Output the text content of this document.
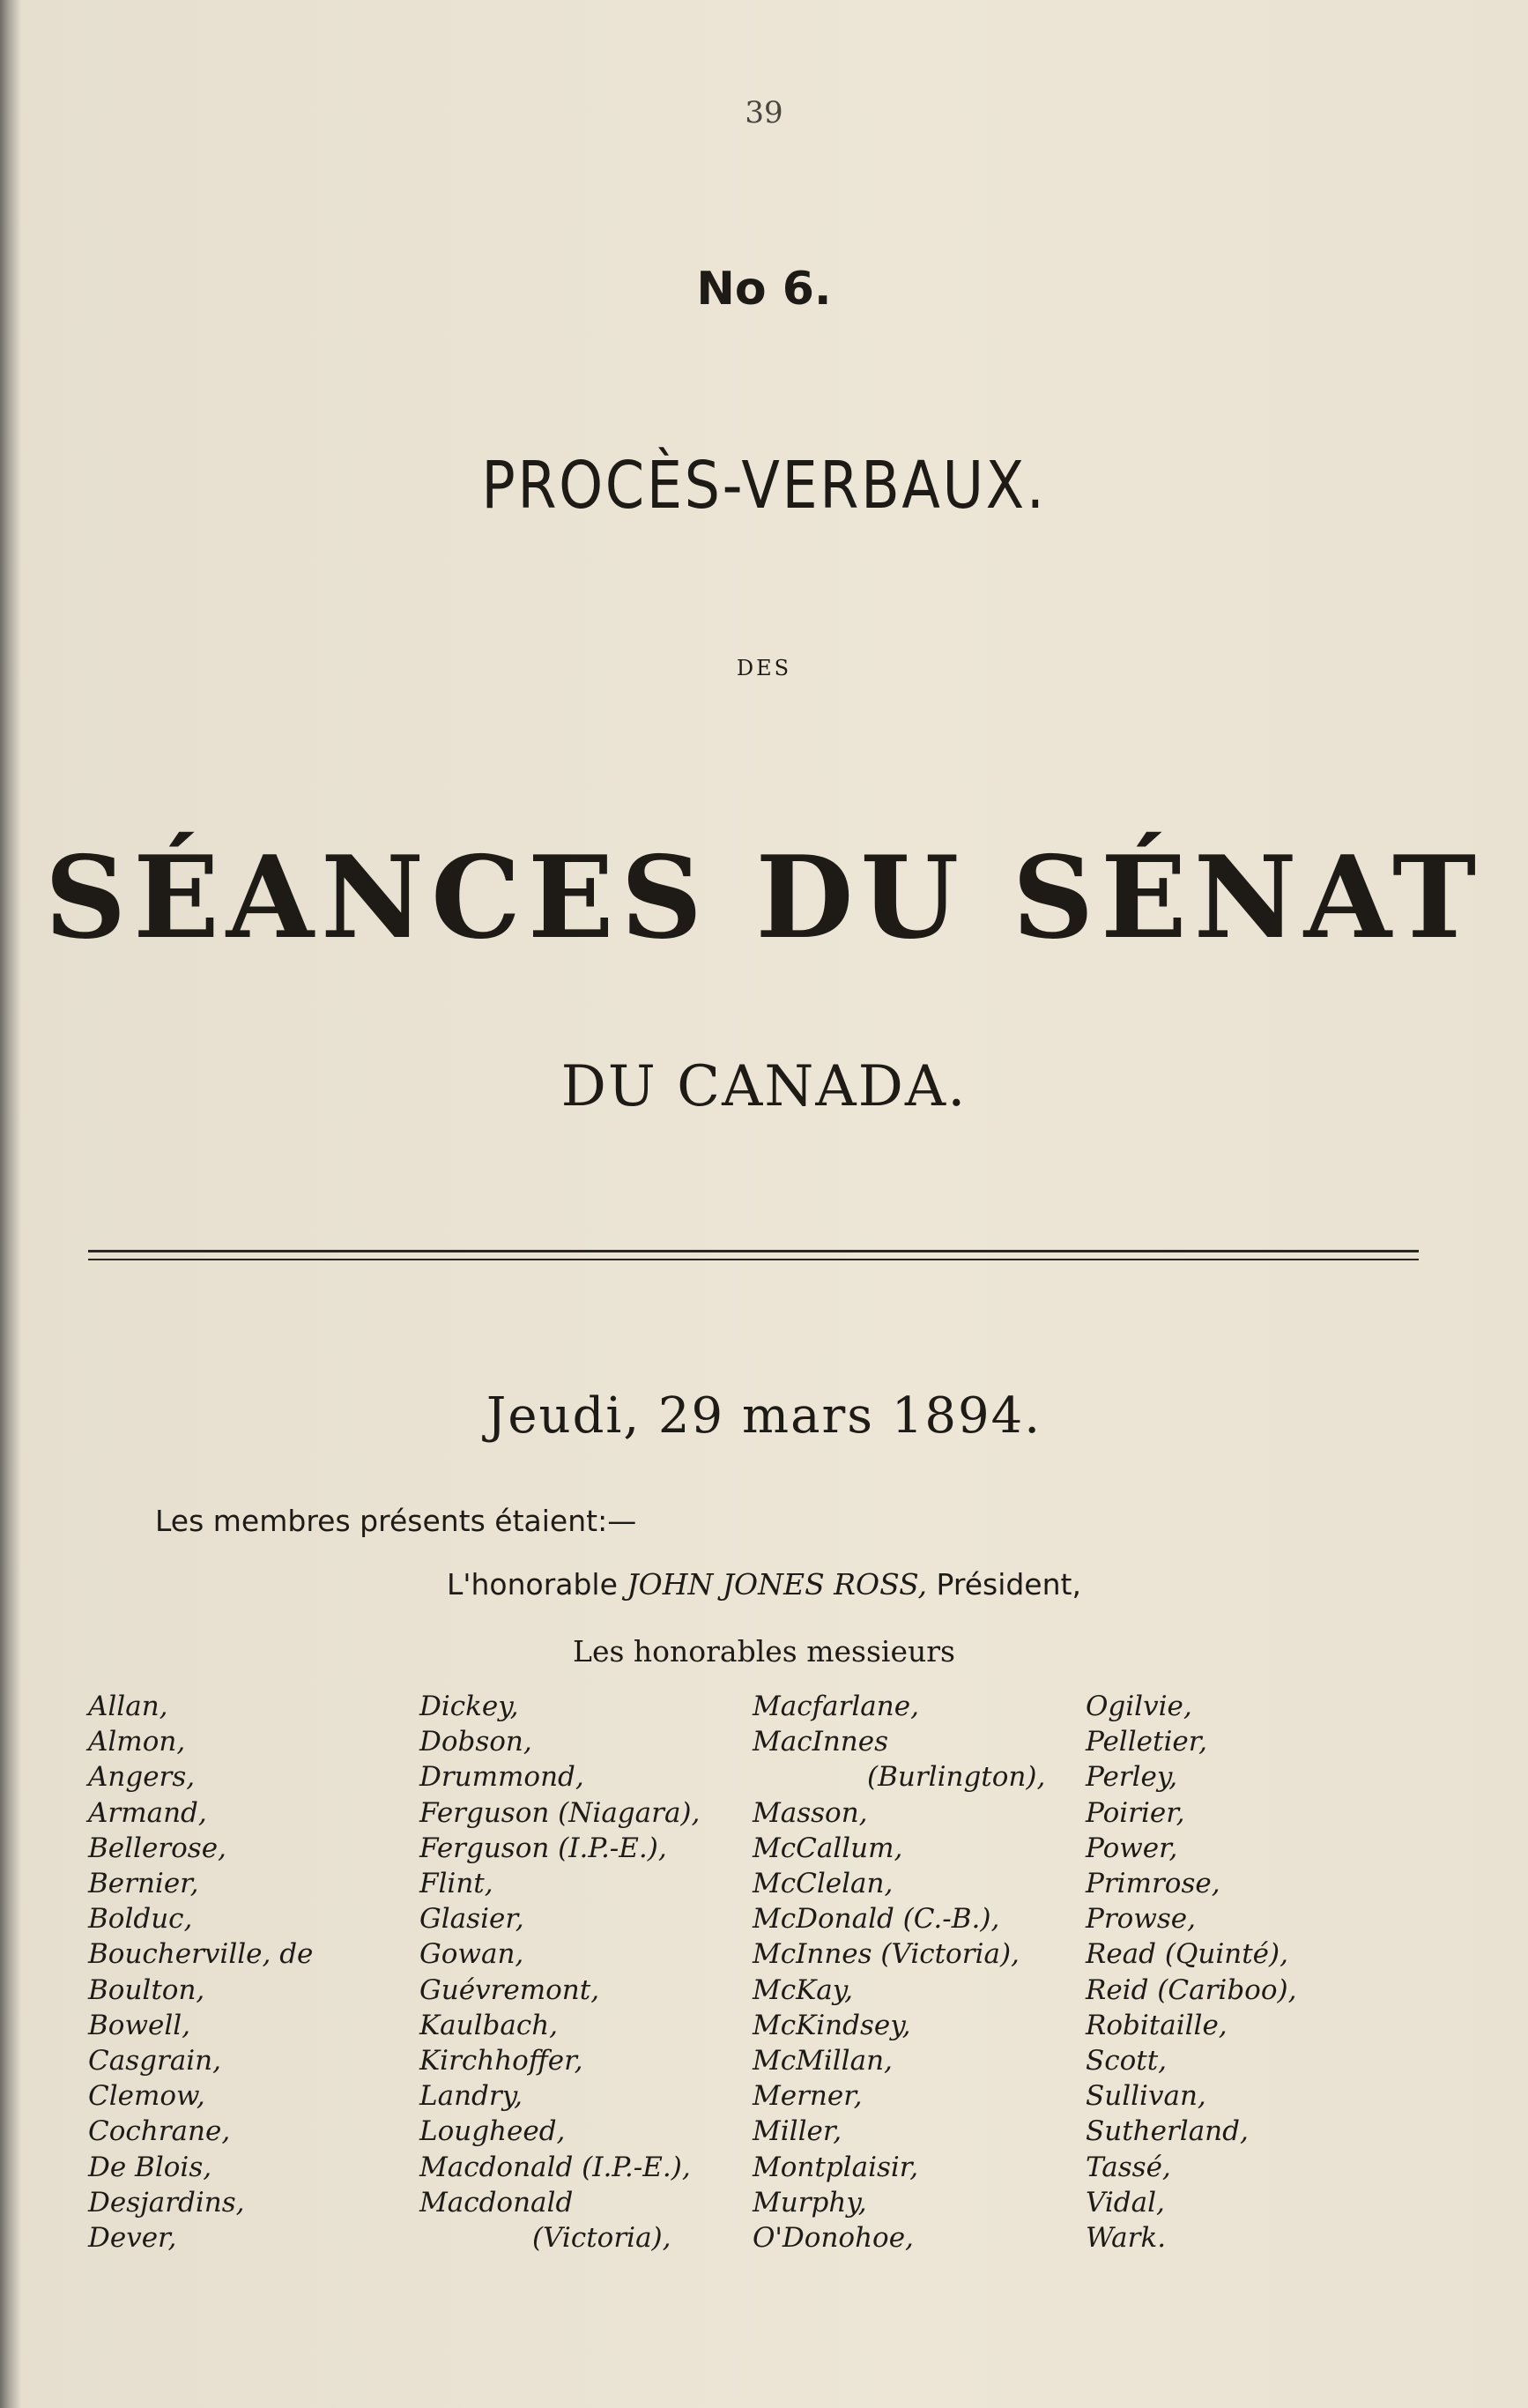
39
No 6.
PROCÈS-VERBAUX.
DES
SÉANCES DU SÉNAT
DU CANADA.
Jeudi, 29 mars 1894.
Les membres présents étaient:—
L'honorable JOHN JONES ROSS, Président,
Les honorables messieurs
Allan,
Almon,
Angers,
Armand,
Bellerose,
Bernier,
Bolduc,
Boucherville, de
Boulton,
Bowell,
Casgrain,
Clemow,
Cochrane,
De Blois,
Desjardins,
Dever,
Dickey,
Dobson,
Drummond,
Ferguson (Niagara),
Ferguson (I.P.-E.),
Flint,
Glasier,
Gowan,
Guévremont,
Kaulbach,
Kirchhoffer,
Landry,
Lougheed,
Macdonald (I.P.-E.),
Macdonald
(Victoria),
Macfarlane,
MacInnes
(Burlington),
Masson,
McCallum,
McClelan,
McDonald (C.-B.),
McInnes (Victoria),
McKay,
McKindsey,
McMillan,
Merner,
Miller,
Montplaisir,
Murphy,
O'Donohoe,
Ogilvie,
Pelletier,
Perley,
Poirier,
Power,
Primrose,
Prowse,
Read (Quinté),
Reid (Cariboo),
Robitaille,
Scott,
Sullivan,
Sutherland,
Tassé,
Vidal,
Wark.
